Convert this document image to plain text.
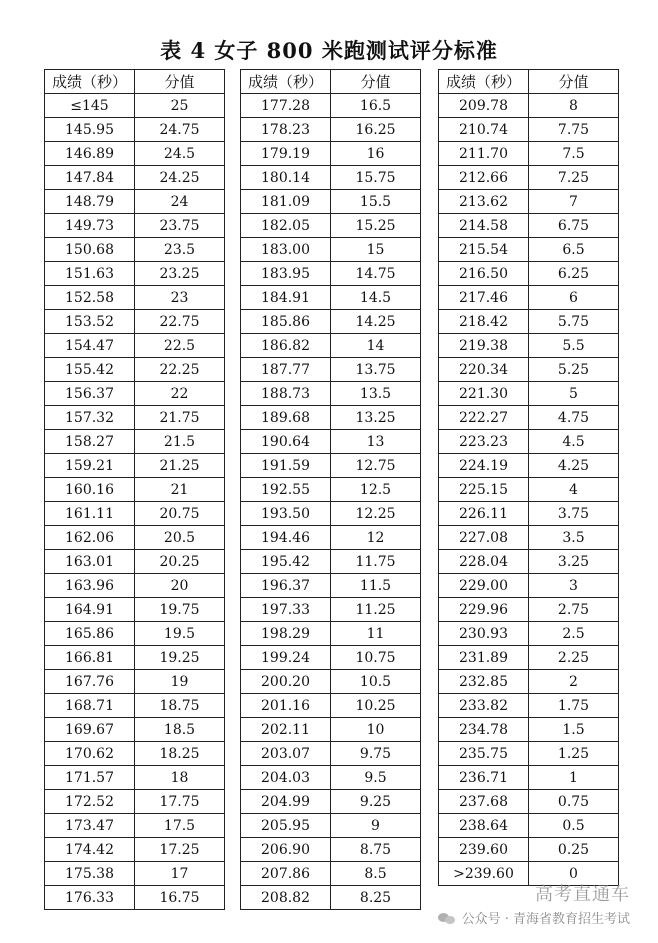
表 4 女子 800 米跑测试评分标准
成绩（秒）	分值
≤145	25
145.95	24.75
146.89	24.5
147.84	24.25
148.79	24
149.73	23.75
150.68	23.5
151.63	23.25
152.58	23
153.52	22.75
154.47	22.5
155.42	22.25
156.37	22
157.32	21.75
158.27	21.5
159.21	21.25
160.16	21
161.11	20.75
162.06	20.5
163.01	20.25
163.96	20
164.91	19.75
165.86	19.5
166.81	19.25
167.76	19
168.71	18.75
169.67	18.5
170.62	18.25
171.57	18
172.52	17.75
173.47	17.5
174.42	17.25
175.38	17
176.33	16.75
成绩（秒）	分值
177.28	16.5
178.23	16.25
179.19	16
180.14	15.75
181.09	15.5
182.05	15.25
183.00	15
183.95	14.75
184.91	14.5
185.86	14.25
186.82	14
187.77	13.75
188.73	13.5
189.68	13.25
190.64	13
191.59	12.75
192.55	12.5
193.50	12.25
194.46	12
195.42	11.75
196.37	11.5
197.33	11.25
198.29	11
199.24	10.75
200.20	10.5
201.16	10.25
202.11	10
203.07	9.75
204.03	9.5
204.99	9.25
205.95	9
206.90	8.75
207.86	8.5
208.82	8.25
成绩（秒）	分值
209.78	8
210.74	7.75
211.70	7.5
212.66	7.25
213.62	7
214.58	6.75
215.54	6.5
216.50	6.25
217.46	6
218.42	5.75
219.38	5.5
220.34	5.25
221.30	5
222.27	4.75
223.23	4.5
224.19	4.25
225.15	4
226.11	3.75
227.08	3.5
228.04	3.25
229.00	3
229.96	2.75
230.93	2.5
231.89	2.25
232.85	2
233.82	1.75
234.78	1.5
235.75	1.25
236.71	1
237.68	0.75
238.64	0.5
239.60	0.25
>239.60	0
高考直通车
公众号 · 青海省教育招生考试
